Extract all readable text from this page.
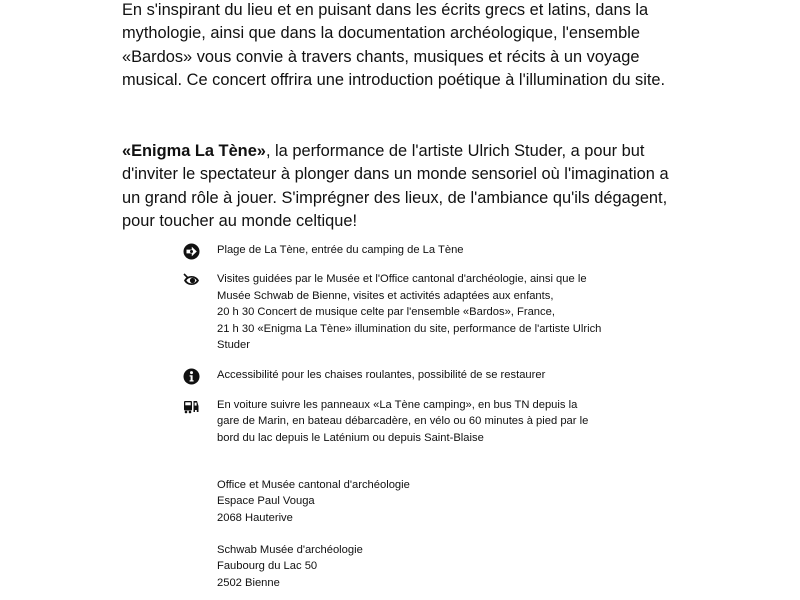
En s'inspirant du lieu et en puisant dans les écrits grecs et latins, dans la
mythologie, ainsi que dans la documentation archéologique, l'ensemble
«Bardos» vous convie à travers chants, musiques et récits à un voyage
musical. Ce concert offrira une introduction poétique à l'illumination du site.

«Enigma La Tène», la performance de l'artiste Ulrich Studer, a pour but
d'inviter le spectateur à plonger dans un monde sensoriel où l'imagination a
un grand rôle à jouer. S'imprégner des lieux, de l'ambiance qu'ils dégagent,
pour toucher au monde celtique!

Plage de La Tène, entrée du camping de La Tène
Visites guidées par le Musée et l'Office cantonal d'archéologie, ainsi que le
Musée Schwab de Bienne, visites et activités adaptées aux enfants,
20 h 30 Concert de musique celte par l'ensemble «Bardos», France,
21 h 30 «Enigma La Tène» illumination du site, performance de l'artiste Ulrich
Studer
Accessibilité pour les chaises roulantes, possibilité de se restaurer
En voiture suivre les panneaux «La Tène camping», en bus TN depuis la
gare de Marin, en bateau débarcadère, en vélo ou 60 minutes à pied par le
bord du lac depuis le Laténium ou depuis Saint-Blaise
Office et Musée cantonal d'archéologie
Espace Paul Vouga
2068 Hauterive
Schwab Musée d'archéologie
Faubourg du Lac 50
2502 Bienne
